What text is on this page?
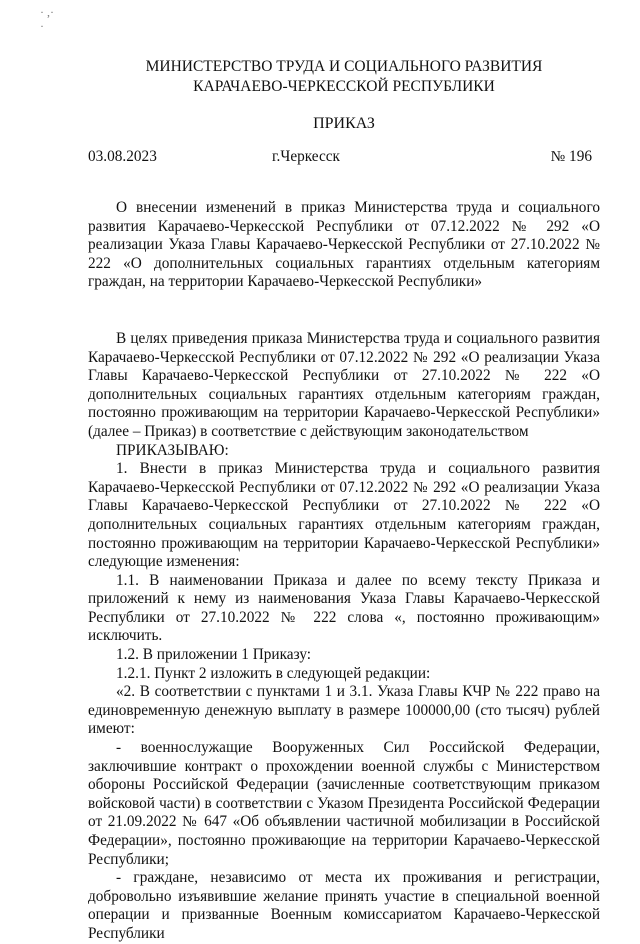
· ,·
·
МИНИСТЕРСТВО ТРУДА И СОЦИАЛЬНОГО РАЗВИТИЯ
КАРАЧАЕВО-ЧЕРКЕССКОЙ РЕСПУБЛИКИ
ПРИКАЗ
03.08.2023	г.Черкесск	№ 196

О внесении изменений в приказ Министерства труда и социального развития Карачаево-Черкесской Республики от 07.12.2022 № 292 «О реализации Указа Главы Карачаево-Черкесской Республики от 27.10.2022 № 222 «О дополнительных социальных гарантиях отдельным категориям граждан, на территории Карачаево-Черкесской Республики»

В целях приведения приказа Министерства труда и социального развития Карачаево-Черкесской Республики от 07.12.2022 № 292 «О реализации Указа Главы Карачаево-Черкесской Республики от 27.10.2022 № 222 «О дополнительных социальных гарантиях отдельным категориям граждан, постоянно проживающим на территории Карачаево-Черкесской Республики» (далее – Приказ) в соответствие с действующим законодательством

ПРИКАЗЫВАЮ:

1. Внести в приказ Министерства труда и социального развития Карачаево-Черкесской Республики от 07.12.2022 № 292 «О реализации Указа Главы Карачаево-Черкесской Республики от 27.10.2022 № 222 «О дополнительных социальных гарантиях отдельным категориям граждан, постоянно проживающим на территории Карачаево-Черкесской Республики» следующие изменения:

1.1. В наименовании Приказа и далее по всему тексту Приказа и приложений к нему из наименования Указа Главы Карачаево-Черкесской Республики от 27.10.2022 № 222 слова «, постоянно проживающим» исключить.

1.2. В приложении 1 Приказу:

1.2.1. Пункт 2 изложить в следующей редакции:

«2. В соответствии с пунктами 1 и 3.1. Указа Главы КЧР № 222 право на единовременную денежную выплату в размере 100000,00 (сто тысяч) рублей имеют:

- военнослужащие Вооруженных Сил Российской Федерации, заключившие контракт о прохождении военной службы с Министерством обороны Российской Федерации (зачисленные соответствующим приказом войсковой части) в соответствии с Указом Президента Российской Федерации от 21.09.2022 № 647 «Об объявлении частичной мобилизации в Российской Федерации», постоянно проживающие на территории Карачаево-Черкесской Республики;

- граждане, независимо от места их проживания и регистрации, добровольно изъявившие желание принять участие в специальной военной операции и призванные Военным комиссариатом Карачаево-Черкесской Республики
